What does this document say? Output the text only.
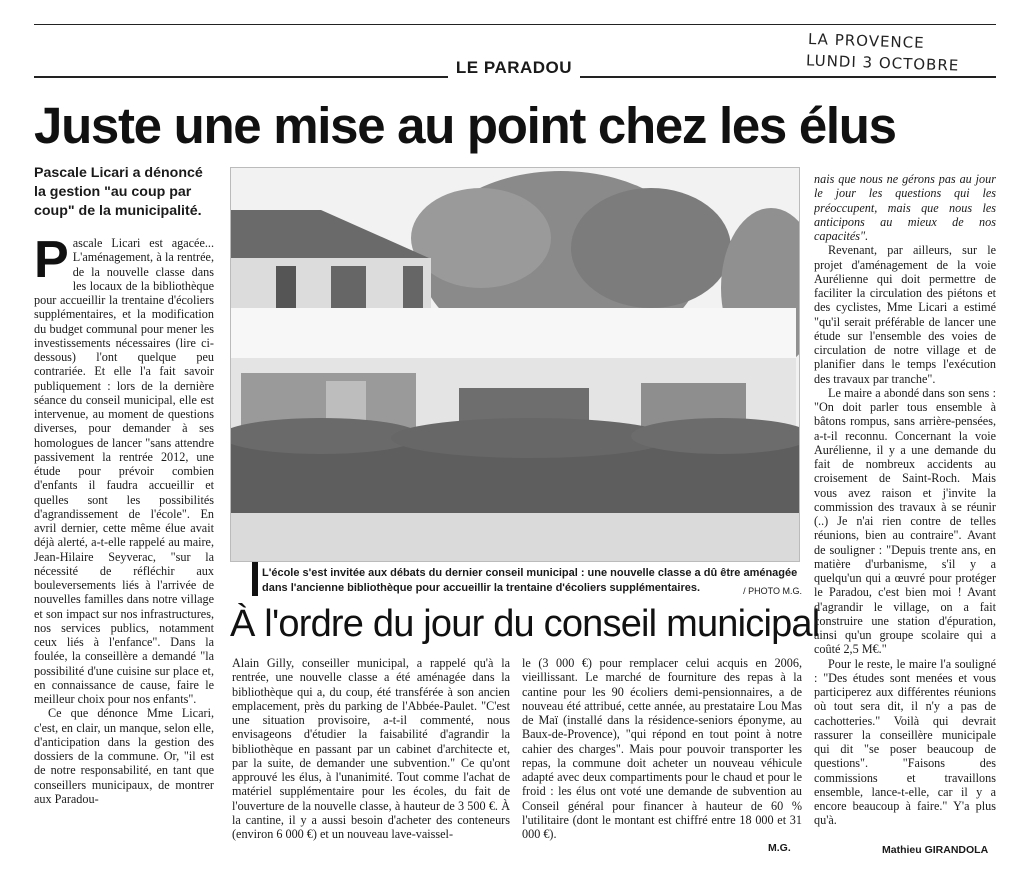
LE PARADOU
LA PROVENCE
LUNDI 3 OCTOBRE
Juste une mise au point chez les élus
Pascale Licari a dénoncé la gestion "au coup par coup" de la municipalité.
P ascale Licari est agacée... L'aménagement, à la rentrée, de la nouvelle classe dans les locaux de la bibliothèque pour accueillir la trentaine d'écoliers supplémentaires, et la modification du budget communal pour mener les investissements nécessaires (lire ci-dessous) l'ont quelque peu contrariée. Et elle l'a fait savoir publiquement : lors de la dernière séance du conseil municipal, elle est intervenue, au moment de questions diverses, pour demander à ses homologues de lancer "sans attendre passivement la rentrée 2012, une étude pour prévoir combien d'enfants il faudra accueillir et quelles sont les possibilités d'agrandissement de l'école". En avril dernier, cette même élue avait déjà alerté, a-t-elle rappelé au maire, Jean-Hilaire Seyverac, "sur la nécessité de réfléchir aux bouleversements liés à l'arrivée de nouvelles familles dans notre village et son impact sur nos infrastructures, nos services publics, notamment ceux liés à l'enfance". Dans la foulée, la conseillère a demandé "la possibilité d'une cuisine sur place et, en connaissance de cause, faire le meilleur choix pour nos enfants".

Ce que dénonce Mme Licari, c'est, en clair, un manque, selon elle, d'anticipation dans la gestion des dossiers de la commune. Or, "il est de notre responsabilité, en tant que conseillers municipaux, de montrer aux Paradou-

L'école s'est invitée aux débats du dernier conseil municipal : une nouvelle classe a dû être aménagée dans l'ancienne bibliothèque pour accueillir la trentaine d'écoliers supplémentaires.	/ PHOTO M.G.
À l'ordre du jour du conseil municipal

Alain Gilly, conseiller municipal, a rappelé qu'à la rentrée, une nouvelle classe a été aménagée dans la bibliothèque qui a, du coup, été transférée à son ancien emplacement, près du parking de l'Abbée-Paulet. "C'est une situation provisoire, a-t-il commenté, nous envisageons d'étudier la faisabilité d'agrandir la bibliothèque en passant par un cabinet d'architecte et, par la suite, de demander une subvention." Ce qu'ont approuvé les élus, à l'unanimité. Tout comme l'achat de matériel supplémentaire pour les écoles, du fait de l'ouverture de la nouvelle classe, à hauteur de 3 500 €. À la cantine, il y a aussi besoin d'acheter des conteneurs (environ 6 000 €) et un nouveau lave-vaissel-

le (3 000 €) pour remplacer celui acquis en 2006, vieillissant. Le marché de fourniture des repas à la cantine pour les 90 écoliers demi-pensionnaires, a de nouveau été attribué, cette année, au prestataire Lou Mas de Maï (installé dans la résidence-seniors éponyme, au Baux-de-Provence), "qui répond en tout point à notre cahier des charges". Mais pour pouvoir transporter les repas, la commune doit acheter un nouveau véhicule adapté avec deux compartiments pour le chaud et pour le froid : les élus ont voté une demande de subvention au Conseil général pour financer à hauteur de 60 % l'utilitaire (dont le montant est chiffré entre 18 000 et 31 000 €).

M.G.

nais que nous ne gérons pas au jour le jour les questions qui les préoccupent, mais que nous les anticipons au mieux de nos capacités".

Revenant, par ailleurs, sur le projet d'aménagement de la voie Aurélienne qui doit permettre de faciliter la circulation des piétons et des cyclistes, Mme Licari a estimé "qu'il serait préférable de lancer une étude sur l'ensemble des voies de circulation de notre village et de planifier dans le temps l'exécution des travaux par tranche".

Le maire a abondé dans son sens : "On doit parler tous ensemble à bâtons rompus, sans arrière-pensées, a-t-il reconnu. Concernant la voie Aurélienne, il y a une demande du fait de nombreux accidents au croisement de Saint-Roch. Mais vous avez raison et j'invite la commission des travaux à se réunir (..) Je n'ai rien contre de telles réunions, bien au contraire". Avant de souligner : "Depuis trente ans, en matière d'urbanisme, s'il y a quelqu'un qui a œuvré pour protéger le Paradou, c'est bien moi ! Avant d'agrandir le village, on a fait construire une station d'épuration, ainsi qu'un groupe scolaire qui a coûté 2,5 M€."

Pour le reste, le maire l'a souligné : "Des études sont menées et vous participerez aux différentes réunions où tout sera dit, il n'y a pas de cachotteries." Voilà qui devrait rassurer la conseillère municipale qui dit "se poser beaucoup de questions". "Faisons des commissions et travaillons ensemble, lance-t-elle, car il y a encore beaucoup à faire." Y'a plus qu'à.

Mathieu GIRANDOLA
